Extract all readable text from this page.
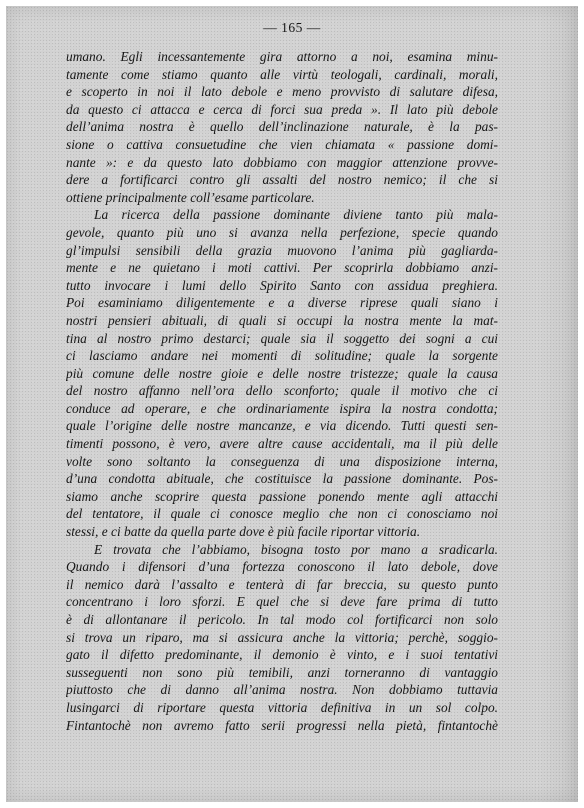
— 165 —
umano. Egli incessantemente gira attorno a noi, esamina minu-
tamente come stiamo quanto alle virtù teologali, cardinali, morali,
e scoperto in noi il lato debole e meno provvisto di salutare difesa,
da questo ci attacca e cerca di forci sua preda ». Il lato più debole
dell’anima nostra è quello dell’inclinazione naturale, è la pas-
sione o cattiva consuetudine che vien chiamata « passione domi-
nante »: e da questo lato dobbiamo con maggior attenzione provve-
dere a fortificarci contro gli assalti del nostro nemico; il che si
ottiene principalmente coll’esame particolare.
La ricerca della passione dominante diviene tanto più mala-
gevole, quanto più uno si avanza nella perfezione, specie quando
gl’impulsi sensibili della grazia muovono l’anima più gagliarda-
mente e ne quietano i moti cattivi. Per scoprirla dobbiamo anzi-
tutto invocare i lumi dello Spirito Santo con assidua preghiera.
Poi esaminiamo diligentemente e a diverse riprese quali siano i
nostri pensieri abituali, di quali si occupi la nostra mente la mat-
tina al nostro primo destarci; quale sia il soggetto dei sogni a cui
ci lasciamo andare nei momenti di solitudine; quale la sorgente
più comune delle nostre gioie e delle nostre tristezze; quale la causa
del nostro affanno nell’ora dello sconforto; quale il motivo che ci
conduce ad operare, e che ordinariamente ispira la nostra condotta;
quale l’origine delle nostre mancanze, e via dicendo. Tutti questi sen-
timenti possono, è vero, avere altre cause accidentali, ma il più delle
volte sono soltanto la conseguenza di una disposizione interna,
d’una condotta abituale, che costituisce la passione dominante. Pos-
siamo anche scoprire questa passione ponendo mente agli attacchi
del tentatore, il quale ci conosce meglio che non ci conosciamo noi
stessi, e ci batte da quella parte dove è più facile riportar vittoria.
E trovata che l’abbiamo, bisogna tosto por mano a sradicarla.
Quando i difensori d’una fortezza conoscono il lato debole, dove
il nemico darà l’assalto e tenterà di far breccia, su questo punto
concentrano i loro sforzi. E quel che si deve fare prima di tutto
è di allontanare il pericolo. In tal modo col fortificarci non solo
si trova un riparo, ma si assicura anche la vittoria; perchè, soggio-
gato il difetto predominante, il demonio è vinto, e i suoi tentativi
susseguenti non sono più temibili, anzi torneranno di vantaggio
piuttosto che di danno all’anima nostra. Non dobbiamo tuttavia
lusingarci di riportare questa vittoria definitiva in un sol colpo.
Fintantochè non avremo fatto serii progressi nella pietà, fintantochè
